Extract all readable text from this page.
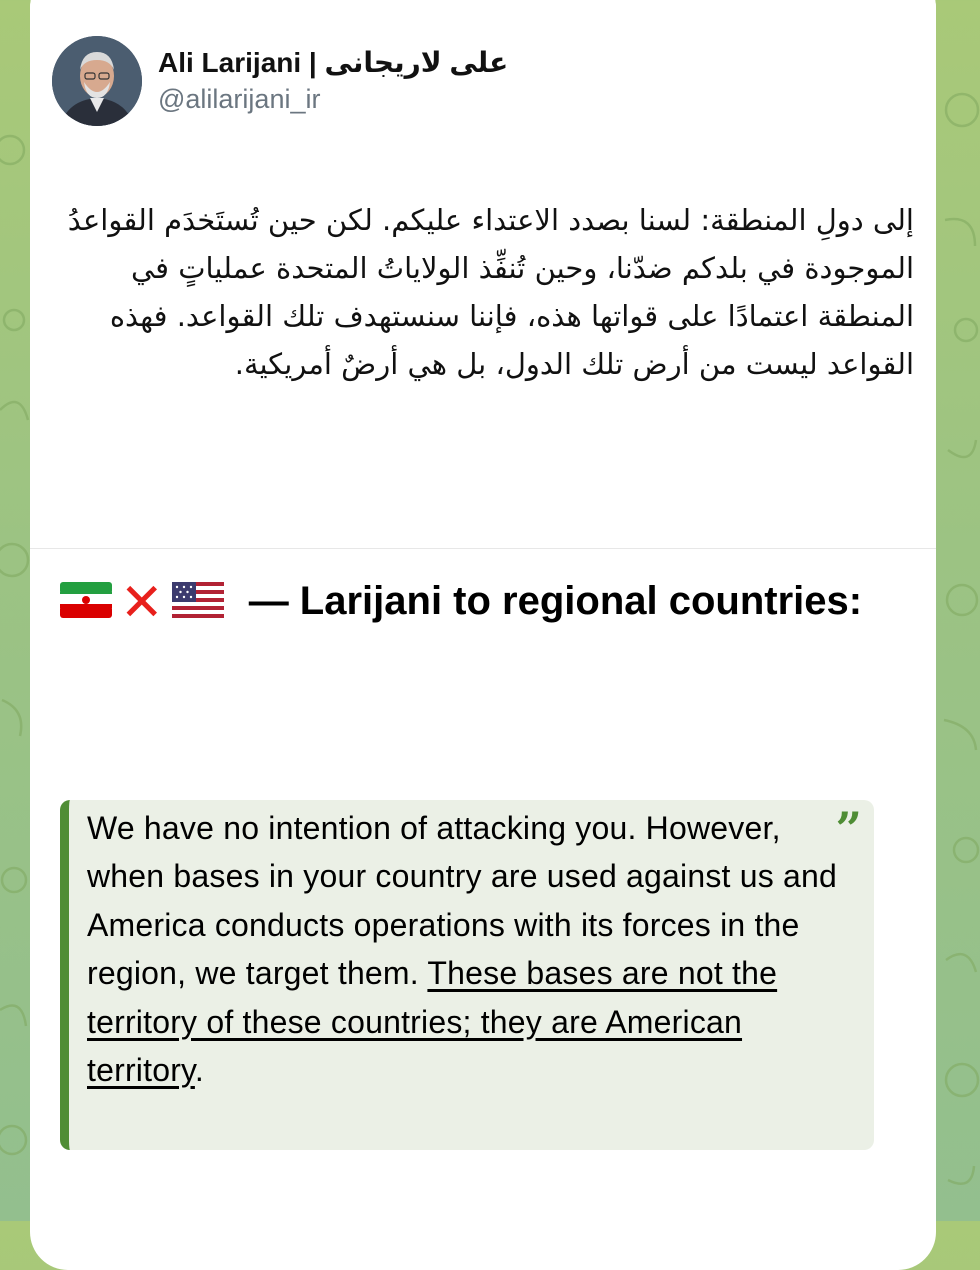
Ali Larijani | علی لاریجانی
@alilarijani_ir
إلى دولِ المنطقة: لسنا بصدد الاعتداء عليكم. لكن حين تُستَخدَم القواعدُ الموجودة في بلدكم ضدّنا، وحين تُنفِّذ الولاياتُ المتحدة عملياتٍ في المنطقة اعتمادًا على قواتها هذه، فإننا سنستهدف تلك القواعد. فهذه القواعد ليست من أرض تلك الدول، بل هي أرضٌ أمريكية.
✕ — Larijani to regional countries:
”
We have no intention of attacking you. However, when bases in your country are used against us and America conducts operations with its forces in the region, we target them. These bases are not the territory of these countries; they are American territory.
